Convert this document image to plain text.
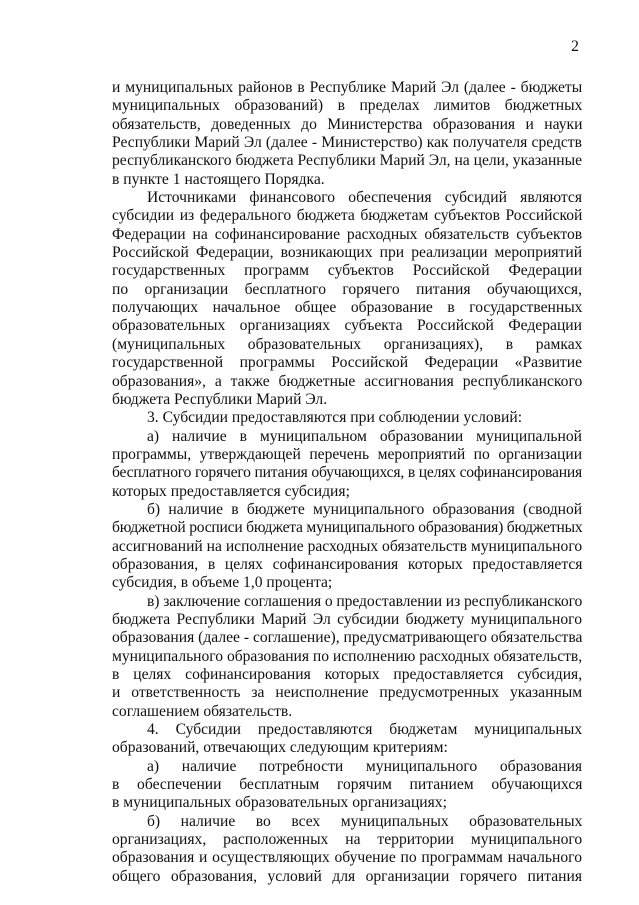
2
и муниципальных районов в Республике Марий Эл (далее - бюджеты
муниципальных образований) в пределах лимитов бюджетных
обязательств, доведенных до Министерства образования и науки
Республики Марий Эл (далее - Министерство) как получателя средств
республиканского бюджета Республики Марий Эл, на цели, указанные
в пункте 1 настоящего Порядка.
Источниками финансового обеспечения субсидий являются
субсидии из федерального бюджета бюджетам субъектов Российской
Федерации на софинансирование расходных обязательств субъектов
Российской Федерации, возникающих при реализации мероприятий
государственных программ субъектов Российской Федерации
по организации бесплатного горячего питания обучающихся,
получающих начальное общее образование в государственных
образовательных организациях субъекта Российской Федерации
(муниципальных образовательных организациях), в рамках
государственной программы Российской Федерации «Развитие
образования», а также бюджетные ассигнования республиканского
бюджета Республики Марий Эл.
3. Субсидии предоставляются при соблюдении условий:
а) наличие в муниципальном образовании муниципальной
программы, утверждающей перечень мероприятий по организации
бесплатного горячего питания обучающихся, в целях софинансирования
которых предоставляется субсидия;
б) наличие в бюджете муниципального образования (сводной
бюджетной росписи бюджета муниципального образования) бюджетных
ассигнований на исполнение расходных обязательств муниципального
образования, в целях софинансирования которых предоставляется
субсидия, в объеме 1,0 процента;
в) заключение соглашения о предоставлении из республиканского
бюджета Республики Марий Эл субсидии бюджету муниципального
образования (далее - соглашение), предусматривающего обязательства
муниципального образования по исполнению расходных обязательств,
в целях софинансирования которых предоставляется субсидия,
и ответственность за неисполнение предусмотренных указанным
соглашением обязательств.
4. Субсидии предоставляются бюджетам муниципальных
образований, отвечающих следующим критериям:
а) наличие потребности муниципального образования
в обеспечении бесплатным горячим питанием обучающихся
в муниципальных образовательных организациях;
б) наличие во всех муниципальных образовательных
организациях, расположенных на территории муниципального
образования и осуществляющих обучение по программам начального
общего образования, условий для организации горячего питания
